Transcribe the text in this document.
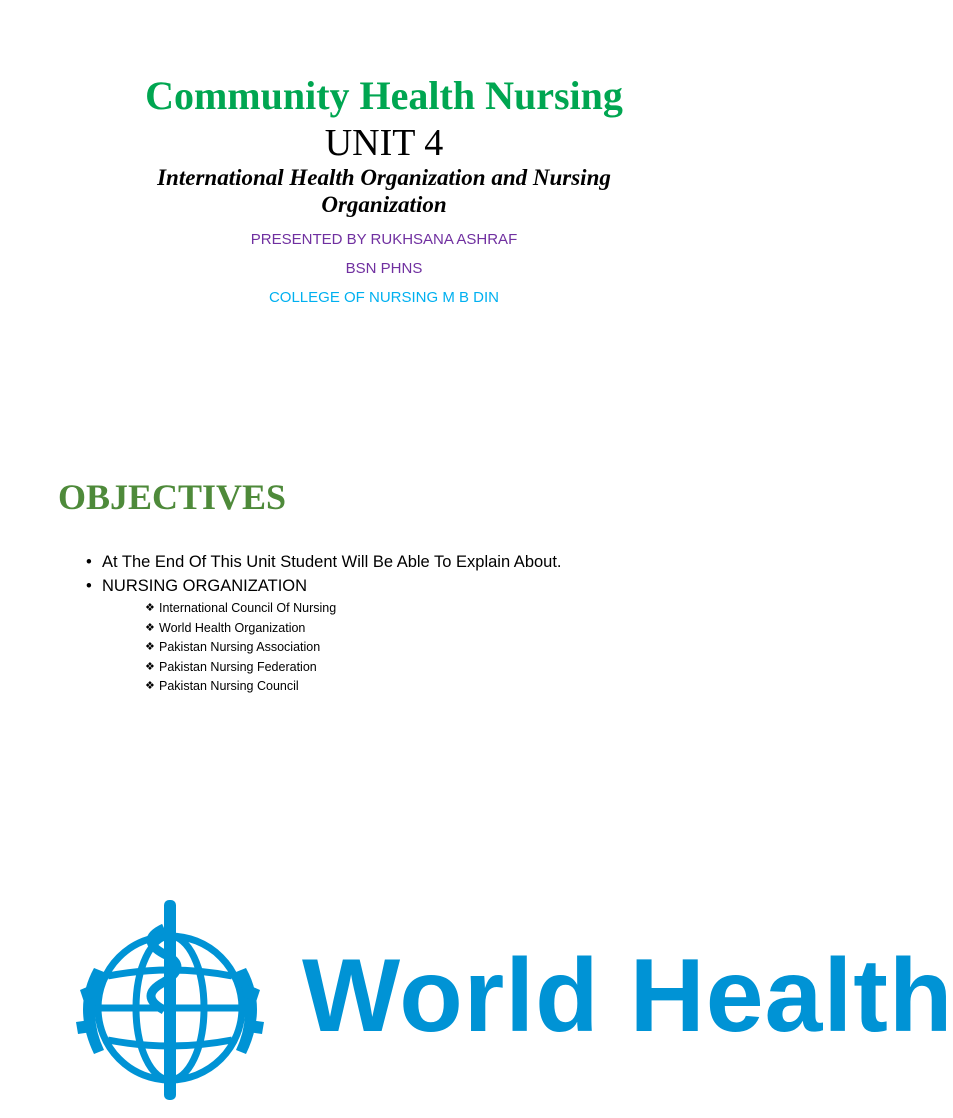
Community Health Nursing
UNIT 4
International Health Organization and Nursing Organization
PRESENTED BY RUKHSANA ASHRAF
BSN PHNS
COLLEGE OF NURSING M B DIN
OBJECTIVES
• At The End Of This Unit Student Will Be Able To Explain About.
• NURSING ORGANIZATION
❖ International Council Of Nursing
❖ World Health Organization
❖ Pakistan Nursing Association
❖ Pakistan Nursing Federation
❖ Pakistan Nursing Council
World Health
